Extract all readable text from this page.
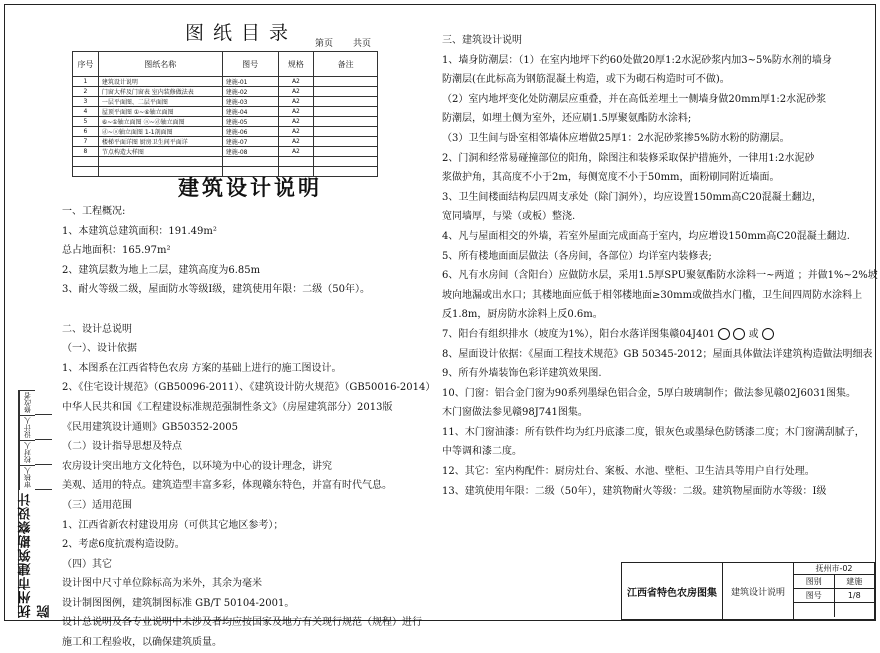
修改者
设计人
校对人
审核人
抚州市建筑勘察设计院
图纸目录 第页 共页
序号	图纸名称	图号	规格	备注
1	建筑设计说明	建施-01	A2	
2	门窗大样及门窗表 室内装修做法表	建施-02	A2	
3	一层平面图、二层平面图	建施-03	A2	
4	屋顶平面图 ①~⑥轴立面图	建施-04	A2	
5	⑥~①轴立面图 ⓐ~ⓓ轴立面图	建施-05	A2	
6	ⓓ~ⓐ轴立面图 1-1剖面图	建施-06	A2	
7	楼梯平面详图 厨房卫生间平面详	建施-07	A2	
8	节点构造大样图	建施-08	A2	

建筑设计说明

一、工程概况:

1、本建筑总建筑面积：191.49m²

总占地面积：165.97m²

2、建筑层数为地上二层，建筑高度为6.85m

3、耐火等级二级，屋面防水等级Ⅰ级，建筑使用年限：二级（50年）。

二、设计总说明

（一）、设计依据

1、本图系在江西省特色农房 方案的基础上进行的施工图设计。

2、《住宅设计规范》（GB50096-2011）、《建筑设计防火规范》（GB50016-2014）

中华人民共和国《工程建设标准规范强制性条文》（房屋建筑部分）2013版

《民用建筑设计通则》GB50352-2005

（二）设计指导思想及特点

农房设计突出地方文化特色，以环境为中心的设计理念，讲究

美观、适用的特点。建筑造型丰富多彩，体现赣东特色，并富有时代气息。

（三）适用范围

1、江西省新农村建设用房（可供其它地区参考）；

2、考虑6度抗震构造设防。

（四）其它

设计图中尺寸单位除标高为米外，其余为毫米

设计制图图例，建筑制图标准 GB/T 50104-2001。

设计总说明及各专业说明中未涉及者均应按国家及地方有关现行规范（规程）进行

施工和工程验收，以确保建筑质量。

三、建筑设计说明

1、墙身防潮层：（1）在室内地坪下约60处做20厚1:2水泥砂浆内加3~5%防水剂的墙身

防潮层(在此标高为钢筋混凝土构造，或下为砌石构造时可不做)。

（2）室内地坪变化处防潮层应重叠，并在高低差埋土一侧墙身做20mm厚1:2水泥砂浆

防潮层，如埋土侧为室外，还应刷1.5厚聚氨酯防水涂料;

（3）卫生间与卧室相邻墙体应增做25厚1：2水泥砂浆掺5%防水粉的防潮层。

2、门洞和经常易碰撞部位的阳角，除图注和装修采取保护措施外，一律用1:2水泥砂

浆做护角，其高度不小于2m，每侧宽度不小于50mm，面粉刷同附近墙面。

3、卫生间楼面结构层四周支承处（除门洞外），均应设置150mm高C20混凝土翻边，

宽同墙厚，与梁（或板）整浇.

4、凡与屋面相交的外墙，若室外屋面完成面高于室内，均应增设150mm高C20混凝土翻边.

5、所有楼地面面层做法（各房间，各部位）均详室内装修表;

6、凡有水房间（含阳台）应做防水层，采用1.5厚SPU聚氨酯防水涂料一~两道 ；并做1%~2%坡

坡向地漏或出水口；其楼地面应低于相邻楼地面≥30mm或做挡水门槛，卫生间四周防水涂料上

反1.8m，厨房防水涂料上反0.6m。

7、阳台有组织排水（坡度为1%），阳台水落详图集赣04J401	或

8、屋面设计依据：《屋面工程技术规范》GB 50345-2012；屋面具体做法详建筑构造做法明细表

9、所有外墙装饰色彩详建筑效果图.

10、门窗：铝合金门窗为90系列墨绿色铝合金，5厚白玻璃制作；做法参见赣02J6031图集。

木门窗做法参见赣98J741图集。

11、木门窗油漆：所有铁件均为红丹底漆二度，银灰色或墨绿色防锈漆二度；木门窗满刮腻子，

中等调和漆二度。

12、其它：室内构配件：厨房灶台、案板、水池、壁柜、卫生洁具等用户自行处理。

13、建筑使用年限：二级（50年），建筑物耐火等级：二级。建筑物屋面防水等级：Ⅰ级

江西省特色农房图集	建筑设计说明
抚州市-02
图别	建施
图号	1/8
